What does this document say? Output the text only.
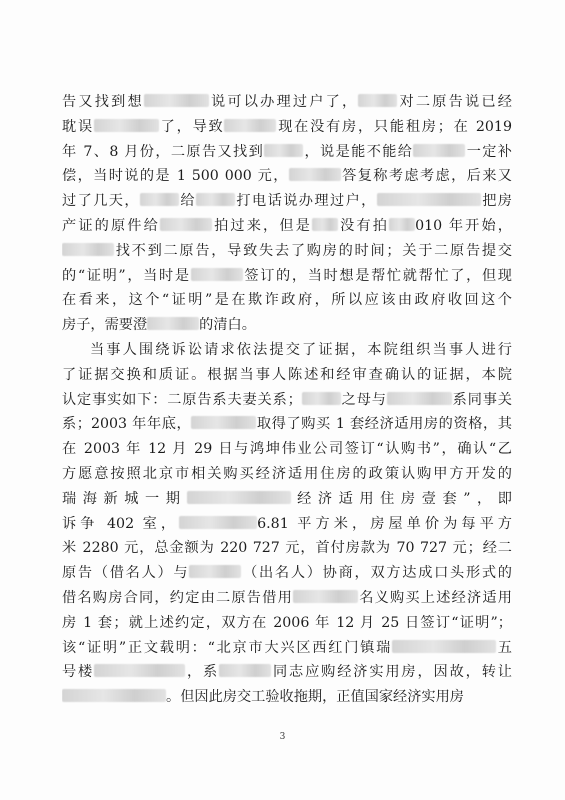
告又找到想	说可以办理过户了，	对二原告说已经
耽误	了，导致	现在没有房，只能租房；在 2019
年 7、8 月份，二原告又找到	，说是能不能给	一定补
偿，当时说的是 1 500 000 元，	答复称考虑考虑，后来又
过了几天，	给	打电话说办理过户，	把房
产证的原件给	拍过来，但是 没有拍 010 年开始，
找不到二原告，导致失去了购房的时间；关于二原告提交
的“证明”，当时是	签订的，当时想是帮忙就帮忙了，但现
在看来，这个“证明”是在欺诈政府，所以应该由政府收回这个
房子，需要澄	的清白。
当事人围绕诉讼请求依法提交了证据，本院组织当事人进行
了证据交换和质证。根据当事人陈述和经审查确认的证据，本院
认定事实如下：二原告系夫妻关系；	之母与	系同事关
系；2003 年年底，	取得了购买 1 套经济适用房的资格，其
在 2003 年 12 月 29 日与鸿坤伟业公司签订“认购书”，确认“乙
方愿意按照北京市相关购买经济适用住房的政策认购甲方开发的
瑞海新城一期	经济适用住房壹套”，即
诉争 402 室，	6.81 平方米，房屋单价为每平方
米 2280 元，总金额为 220 727 元，首付房款为 70 727 元；经二
原告（借名人）与	（出名人）协商，双方达成口头形式的
借名购房合同，约定由二原告借用	名义购买上述经济适用
房 1 套；就上述约定，双方在 2006 年 12 月 25 日签订“证明”；
该“证明”正文载明：“北京市大兴区西红门镇瑞	五
号楼	，系	同志应购经济实用房，因故，转让
。但因此房交工验收拖期，正值国家经济实用房
3
